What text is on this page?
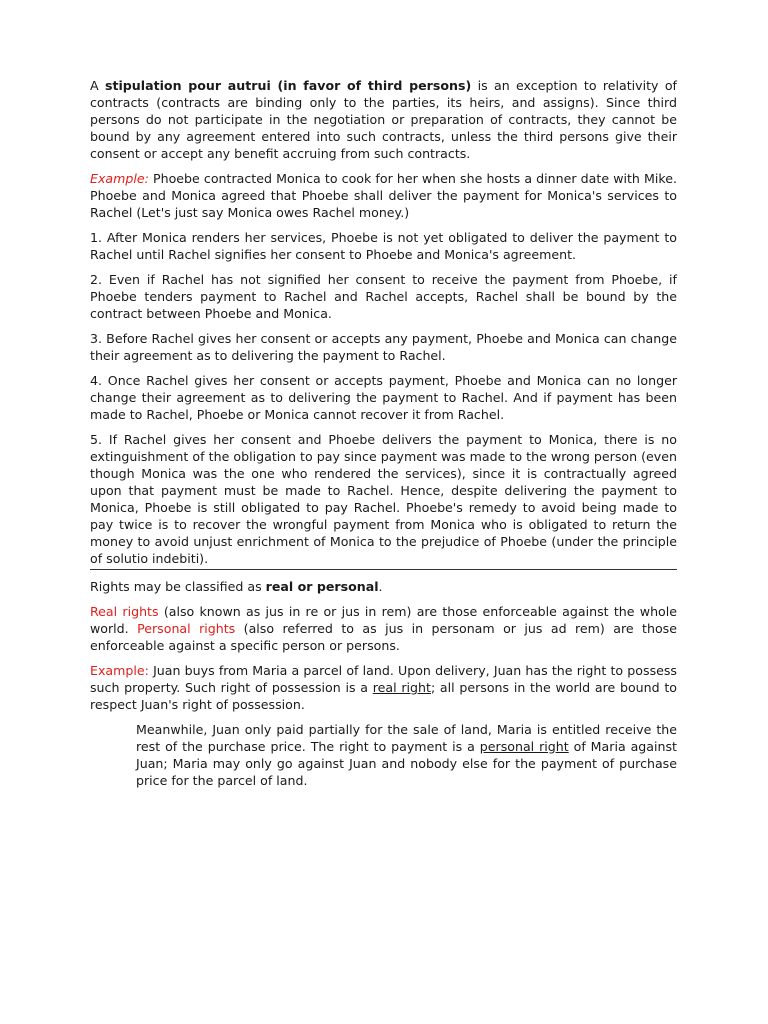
A stipulation pour autrui (in favor of third persons) is an exception to relativity of contracts (contracts are binding only to the parties, its heirs, and assigns). Since third persons do not participate in the negotiation or preparation of contracts, they cannot be bound by any agreement entered into such contracts, unless the third persons give their consent or accept any benefit accruing from such contracts.

Example: Phoebe contracted Monica to cook for her when she hosts a dinner date with Mike. Phoebe and Monica agreed that Phoebe shall deliver the payment for Monica's services to Rachel (Let's just say Monica owes Rachel money.)

1. After Monica renders her services, Phoebe is not yet obligated to deliver the payment to Rachel until Rachel signifies her consent to Phoebe and Monica's agreement.

2. Even if Rachel has not signified her consent to receive the payment from Phoebe, if Phoebe tenders payment to Rachel and Rachel accepts, Rachel shall be bound by the contract between Phoebe and Monica.

3. Before Rachel gives her consent or accepts any payment, Phoebe and Monica can change their agreement as to delivering the payment to Rachel.

4. Once Rachel gives her consent or accepts payment, Phoebe and Monica can no longer change their agreement as to delivering the payment to Rachel. And if payment has been made to Rachel, Phoebe or Monica cannot recover it from Rachel.

5. If Rachel gives her consent and Phoebe delivers the payment to Monica, there is no extinguishment of the obligation to pay since payment was made to the wrong person (even though Monica was the one who rendered the services), since it is contractually agreed upon that payment must be made to Rachel. Hence, despite delivering the payment to Monica, Phoebe is still obligated to pay Rachel. Phoebe's remedy to avoid being made to pay twice is to recover the wrongful payment from Monica who is obligated to return the money to avoid unjust enrichment of Monica to the prejudice of Phoebe (under the principle of solutio indebiti).

Rights may be classified as real or personal.

Real rights (also known as jus in re or jus in rem) are those enforceable against the whole world. Personal rights (also referred to as jus in personam or jus ad rem) are those enforceable against a specific person or persons.

Example: Juan buys from Maria a parcel of land. Upon delivery, Juan has the right to possess such property. Such right of possession is a real right; all persons in the world are bound to respect Juan's right of possession.

Meanwhile, Juan only paid partially for the sale of land, Maria is entitled receive the rest of the purchase price. The right to payment is a personal right of Maria against Juan; Maria may only go against Juan and nobody else for the payment of purchase price for the parcel of land.
